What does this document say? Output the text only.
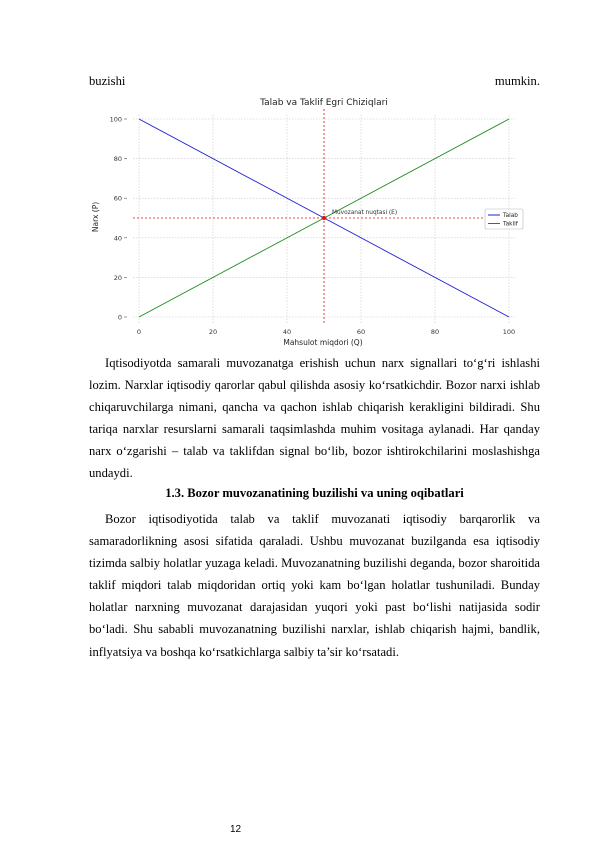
buzishi	mumkin.
Talab va Taklif Egri Chiziqlari
0
20
40
60
80
100
0	20	40	60	80	100
Muvozanat nuqtasi (E)
Mahsulot miqdori (Q)
Narx (P)	Talab
Taklif

Iqtisodiyotda samarali muvozanatga erishish uchun narx signallari to‘g‘ri ishlashi lozim. Narxlar iqtisodiy qarorlar qabul qilishda asosiy ko‘rsatkichdir. Bozor narxi ishlab chiqaruvchilarga nimani, qancha va qachon ishlab chiqarish kerakligini bildiradi. Shu tariqa narxlar resurslarni samarali taqsimlashda muhim vositaga aylanadi. Har qanday narx o‘zgarishi – talab va taklifdan signal bo‘lib, bozor ishtirokchilarini moslashishga undaydi.

1.3. Bozor muvozanatining buzilishi va uning oqibatlari

Bozor iqtisodiyotida talab va taklif muvozanati iqtisodiy barqarorlik va samaradorlikning asosi sifatida qaraladi. Ushbu muvozanat buzilganda esa iqtisodiy tizimda salbiy holatlar yuzaga keladi. Muvozanatning buzilishi deganda, bozor sharoitida taklif miqdori talab miqdoridan ortiq yoki kam bo‘lgan holatlar tushuniladi. Bunday holatlar narxning muvozanat darajasidan yuqori yoki past bo‘lishi natijasida sodir bo‘ladi. Shu sababli muvozanatning buzilishi narxlar, ishlab chiqarish hajmi, bandlik, inflyatsiya va boshqa ko‘rsatkichlarga salbiy ta’sir ko‘rsatadi.

12
